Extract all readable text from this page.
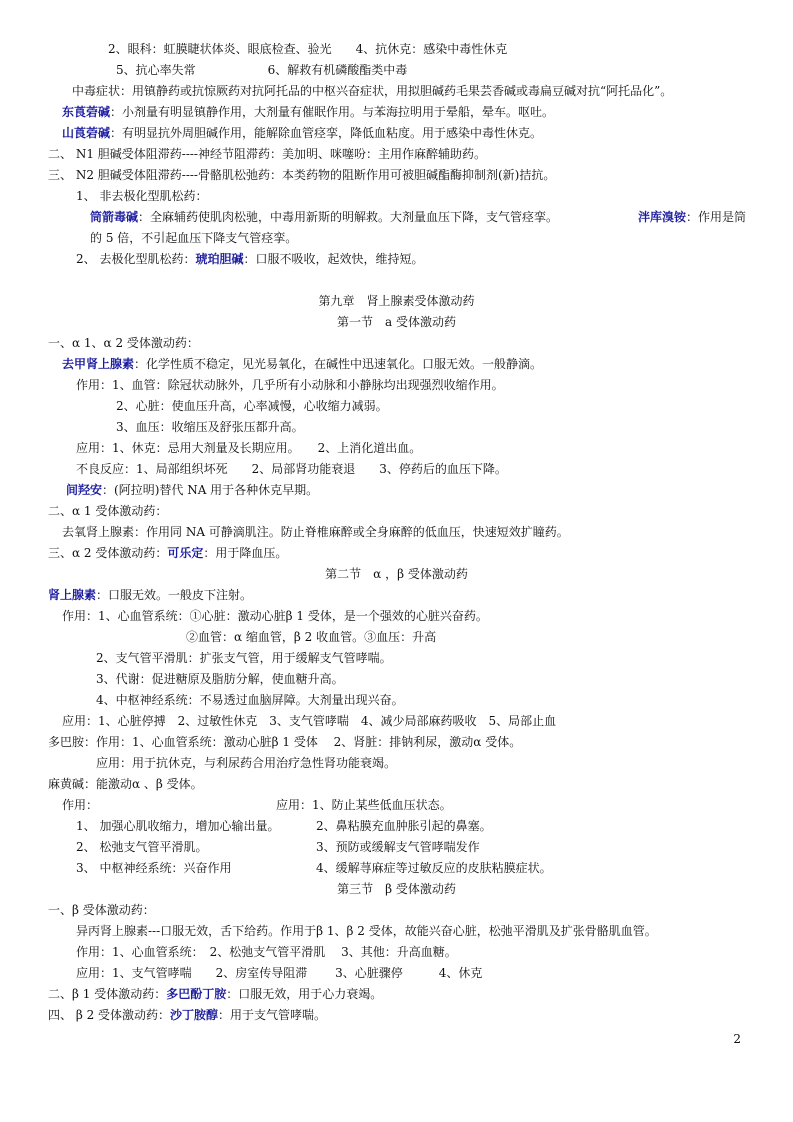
2、眼科：虹膜睫状体炎、眼底检查、验光　　4、抗休克：感染中毒性休克
5、抗心率失常　　　　　　6、解救有机磷酸酯类中毒
中毒症状：用镇静药或抗惊厥药对抗阿托品的中枢兴奋症状，用拟胆碱药毛果芸香碱或毒扁豆碱对抗“阿托品化”。
东莨菪碱：小剂量有明显镇静作用，大剂量有催眠作用。与苯海拉明用于晕船，晕车。呕吐。
山莨菪碱：有明显抗外周胆碱作用，能解除血管痉挛，降低血粘度。用于感染中毒性休克。
二、 N1 胆碱受体阻滞药----神经节阻滞药：美加明、咪噻吩：主用作麻醉辅助药。
三、 N2 胆碱受体阻滞药----骨骼肌松弛药：本类药物的阻断作用可被胆碱酯酶抑制剂(新)拮抗。
1、 非去极化型肌松药：
筒箭毒碱：全麻辅药使肌肉松驰，中毒用新斯的明解救。大剂量血压下降，支气管痉挛。	泮库溴铵：作用是筒
的 5 倍，不引起血压下降支气管痉挛。
2、 去极化型肌松药：琥珀胆碱：口服不吸收，起效快，维持短。
第九章　肾上腺素受体激动药
第一节　a 受体激动药
一、α 1、α 2 受体激动药：
去甲肾上腺素：化学性质不稳定，见光易氧化，在碱性中迅速氧化。口服无效。一般静滴。
作用：1、血管：除冠状动脉外，几乎所有小动脉和小静脉均出现强烈收缩作用。
2、心脏：使血压升高，心率减慢，心收缩力减弱。
3、血压：收缩压及舒张压都升高。
应用：1、休克：忌用大剂量及长期应用。　　2、上消化道出血。
不良反应：1、局部组织坏死　　2、局部肾功能衰退　　3、停药后的血压下降。
间羟安：(阿拉明)替代 NA 用于各种休克早期。
二、α 1 受体激动药：
去氧肾上腺素：作用同 NA 可静滴肌注。防止脊椎麻醉或全身麻醉的低血压，快速短效扩瞳药。
三、α 2 受体激动药：可乐定：用于降血压。
第二节　α ，β 受体激动药
肾上腺素：口服无效。一般皮下注射。
作用：1、心血管系统：①心脏：激动心脏β 1 受体，是一个强效的心脏兴奋药。
②血管：α 缩血管，β 2 收血管。③血压：升高
2、支气管平滑肌：扩张支气管，用于缓解支气管哮喘。
3、代谢：促进糖原及脂肪分解，使血糖升高。
4、中枢神经系统：不易透过血脑屏障。大剂量出现兴奋。
应用：1、心脏停搏　2、过敏性休克　3、支气管哮喘　4、减少局部麻药吸收　5、局部止血
多巴胺：作用：1、心血管系统：激动心脏β 1 受体　 2、肾脏：排钠利尿，激动α 受体。
应用：用于抗休克，与利尿药合用治疗急性肾功能衰竭。
麻黄碱：能激动α 、β 受体。
作用：	应用：1、防止某些低血压状态。
1、 加强心肌收缩力，增加心输出量。	2、鼻粘膜充血肿胀引起的鼻塞。
2、 松弛支气管平滑肌。	3、预防或缓解支气管哮喘发作
3、 中枢神经系统：兴奋作用	4、缓解荨麻症等过敏反应的皮肤粘膜症状。
第三节　β 受体激动药
一、β 受体激动药：
异丙肾上腺素---口服无效，舌下给药。作用于β 1、β 2 受体，故能兴奋心脏，松弛平滑肌及扩张骨骼肌血管。
作用：1、心血管系统：　2、松弛支气管平滑肌　 3、其他：升高血糖。
应用：1、支气管哮喘　　2、房室传导阻滞　　 3、心脏骤停　　　4、休克
二、β 1 受体激动药：多巴酚丁胺：口服无效，用于心力衰竭。
四、 β 2 受体激动药：沙丁胺醇：用于支气管哮喘。
2
